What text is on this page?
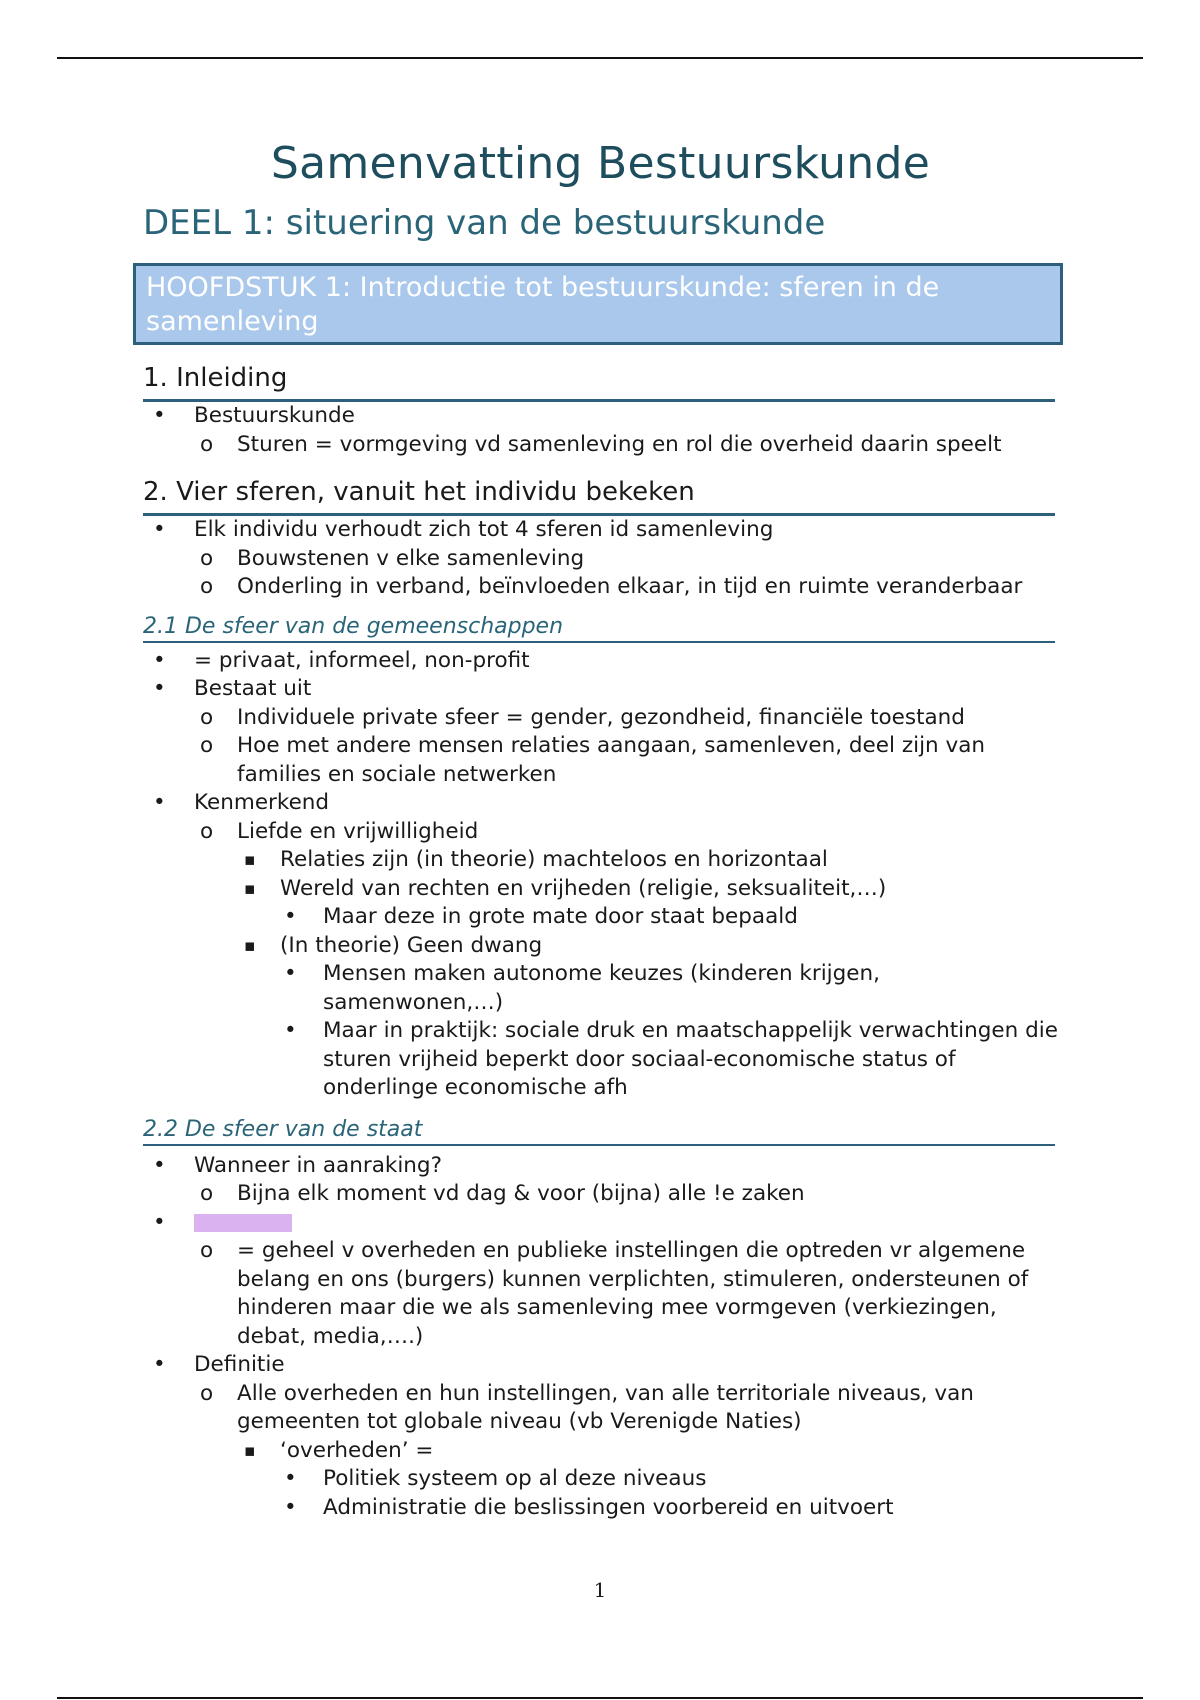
Samenvatting Bestuurskunde
DEEL 1: situering van de bestuurskunde
HOOFDSTUK 1: Introductie tot bestuurskunde: sferen in de samenleving
1. Inleiding
• Bestuurskunde
o Sturen = vormgeving vd samenleving en rol die overheid daarin speelt
2. Vier sferen, vanuit het individu bekeken
• Elk individu verhoudt zich tot 4 sferen id samenleving
o Bouwstenen v elke samenleving
o Onderling in verband, beïnvloeden elkaar, in tijd en ruimte veranderbaar
2.1 De sfeer van de gemeenschappen
• = privaat, informeel, non-profit
• Bestaat uit
o Individuele private sfeer = gender, gezondheid, financiële toestand
o Hoe met andere mensen relaties aangaan, samenleven, deel zijn van families en sociale netwerken
• Kenmerkend
o Liefde en vrijwilligheid
▪ Relaties zijn (in theorie) machteloos en horizontaal
▪ Wereld van rechten en vrijheden (religie, seksualiteit,…)
• Maar deze in grote mate door staat bepaald
▪ (In theorie) Geen dwang
• Mensen maken autonome keuzes (kinderen krijgen, samenwonen,…)
• Maar in praktijk: sociale druk en maatschappelijk verwachtingen die sturen vrijheid beperkt door sociaal-economische status of onderlinge economische afh
2.2 De sfeer van de staat
• Wanneer in aanraking?
o Bijna elk moment vd dag & voor (bijna) alle !e zaken
•
o = geheel v overheden en publieke instellingen die optreden vr algemene belang en ons (burgers) kunnen verplichten, stimuleren, ondersteunen of hinderen maar die we als samenleving mee vormgeven (verkiezingen, debat, media,….)
• Definitie
o Alle overheden en hun instellingen, van alle territoriale niveaus, van gemeenten tot globale niveau (vb Verenigde Naties)
▪ ‘overheden’ =
• Politiek systeem op al deze niveaus
• Administratie die beslissingen voorbereid en uitvoert
1
